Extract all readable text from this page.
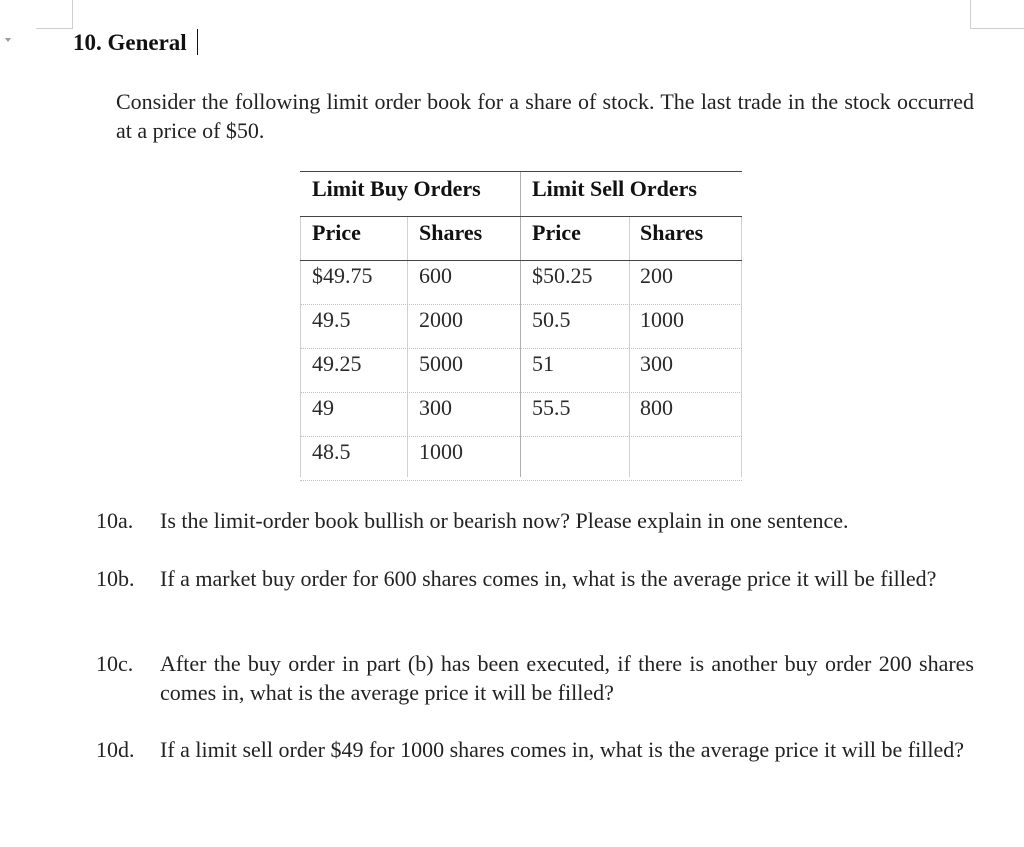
10. General
Consider the following limit order book for a share of stock. The last trade in the stock occurred at a price of $50.
Limit Buy Orders Limit Sell Orders
Price	Shares Price	Shares
$49.75 600	$50.25 200
49.5	2000	50.5	1000
49.25	5000	51	300
49	300	55.5	800
48.5	1000
10a. Is the limit-order book bullish or bearish now? Please explain in one sentence.
10b. If a market buy order for 600 shares comes in, what is the average price it will be filled?
10c. After the buy order in part (b) has been executed, if there is another buy order 200 shares comes in, what is the average price it will be filled?
10d. If a limit sell order $49 for 1000 shares comes in, what is the average price it will be filled?
